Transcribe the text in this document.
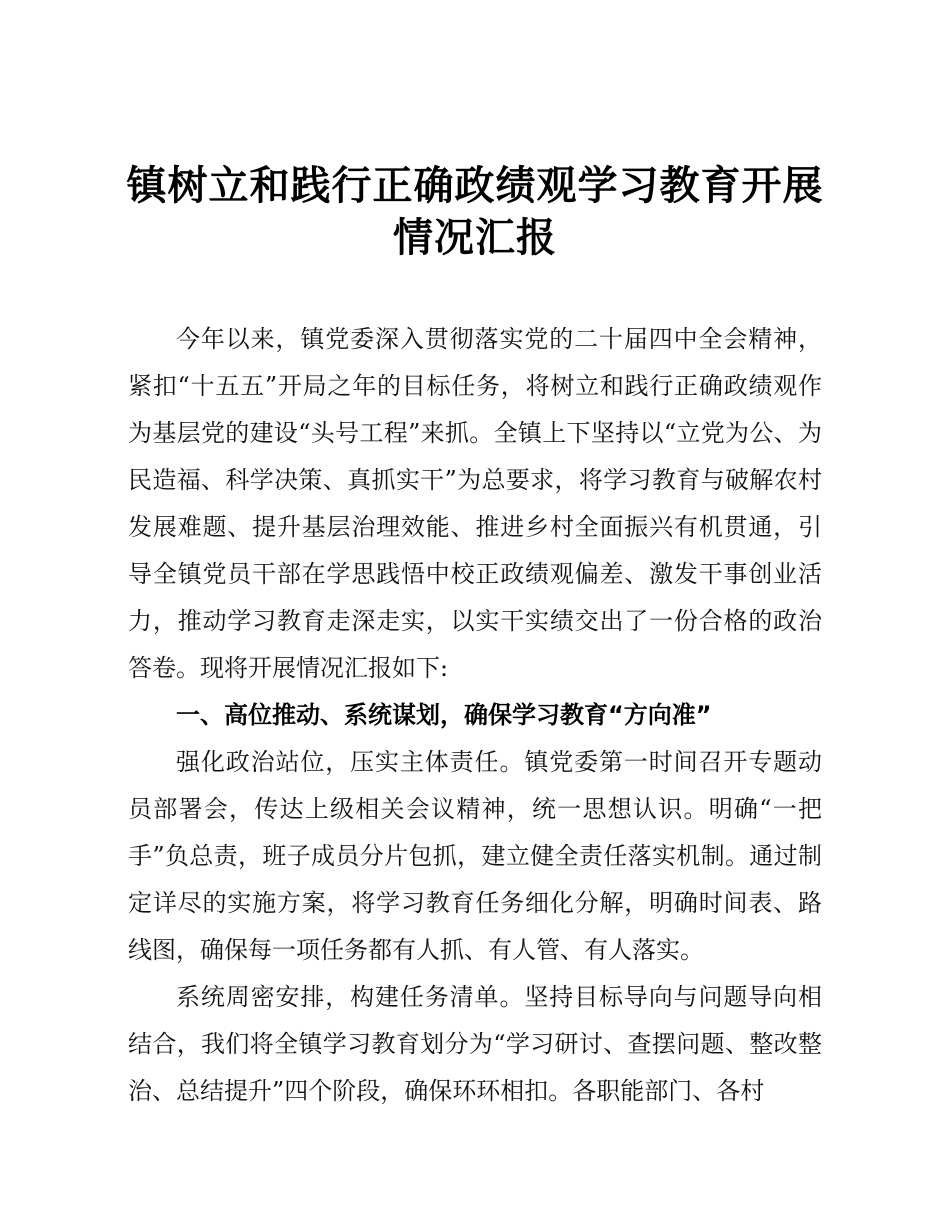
镇树立和践行正确政绩观学习教育开展
情况汇报

今年以来，镇党委深入贯彻落实党的二十届四中全会精神，紧扣“十五五”开局之年的目标任务，将树立和践行正确政绩观作为基层党的建设“头号工程”来抓。全镇上下坚持以“立党为公、为民造福、科学决策、真抓实干”为总要求，将学习教育与破解农村发展难题、提升基层治理效能、推进乡村全面振兴有机贯通，引导全镇党员干部在学思践悟中校正政绩观偏差、激发干事创业活力，推动学习教育走深走实，以实干实绩交出了一份合格的政治答卷。现将开展情况汇报如下:

一、高位推动、系统谋划，确保学习教育“方向准”

强化政治站位，压实主体责任。镇党委第一时间召开专题动员部署会，传达上级相关会议精神，统一思想认识。明确“一把手”负总责，班子成员分片包抓，建立健全责任落实机制。通过制定详尽的实施方案，将学习教育任务细化分解，明确时间表、路线图，确保每一项任务都有人抓、有人管、有人落实。

系统周密安排，构建任务清单。坚持目标导向与问题导向相结合，我们将全镇学习教育划分为“学习研讨、查摆问题、整改整治、总结提升”四个阶段，确保环环相扣。各职能部门、各村
